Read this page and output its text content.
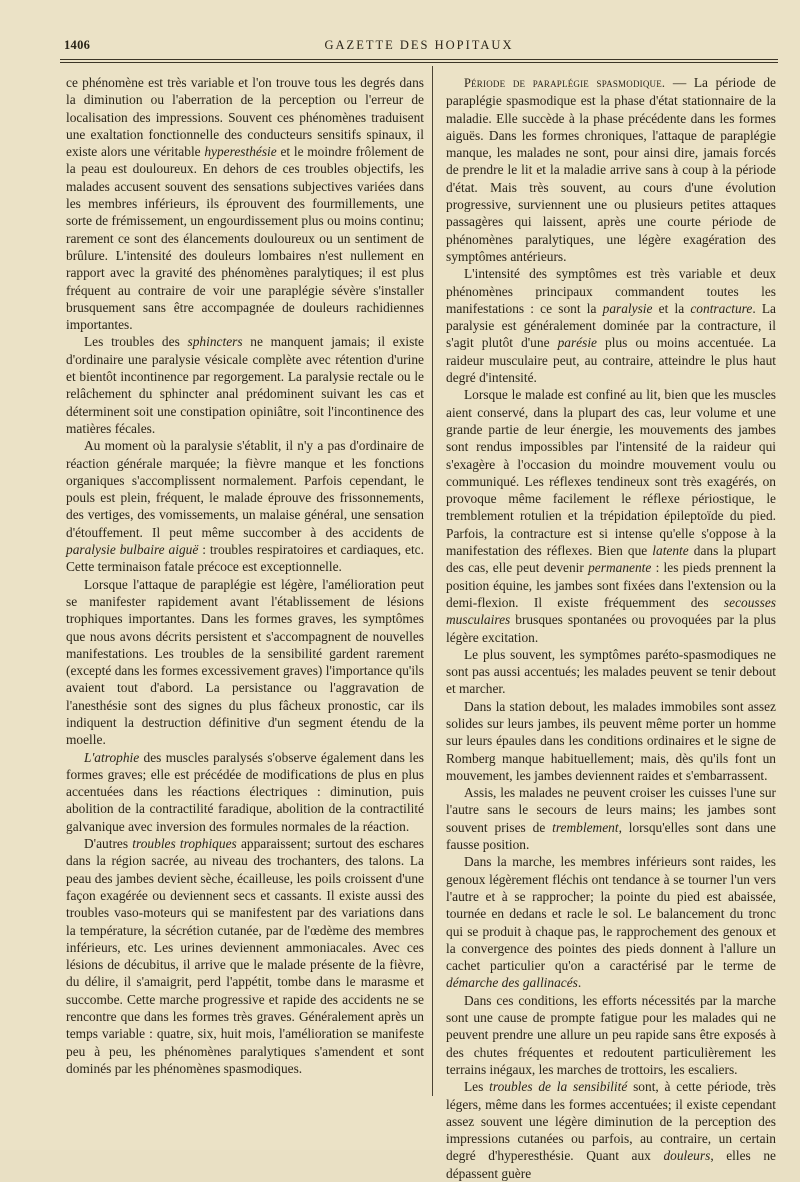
1406	GAZETTE DES HOPITAUX

ce phénomène est très variable et l'on trouve tous les degrés dans la diminution ou l'aberration de la perception ou l'erreur de localisation des impressions. Souvent ces phénomènes traduisent une exaltation fonctionnelle des conducteurs sensitifs spinaux, il existe alors une véritable hyperesthésie et le moindre frôlement de la peau est douloureux. En dehors de ces troubles objectifs, les malades accusent souvent des sensations subjectives variées dans les membres inférieurs, ils éprouvent des fourmillements, une sorte de frémissement, un engourdissement plus ou moins continu; rarement ce sont des élancements douloureux ou un sentiment de brûlure. L'intensité des douleurs lombaires n'est nullement en rapport avec la gravité des phénomènes paralytiques; il est plus fréquent au contraire de voir une paraplégie sévère s'installer brusquement sans être accompagnée de douleurs rachidiennes importantes.

Les troubles des sphincters ne manquent jamais; il existe d'ordinaire une paralysie vésicale complète avec rétention d'urine et bientôt incontinence par regorgement. La paralysie rectale ou le relâchement du sphincter anal prédominent suivant les cas et déterminent soit une constipation opiniâtre, soit l'incontinence des matières fécales.

Au moment où la paralysie s'établit, il n'y a pas d'ordinaire de réaction générale marquée; la fièvre manque et les fonctions organiques s'accomplissent normalement. Parfois cependant, le pouls est plein, fréquent, le malade éprouve des frissonnements, des vertiges, des vomissements, un malaise général, une sensation d'étouffement. Il peut même succomber à des accidents de paralysie bulbaire aiguë : troubles respiratoires et cardiaques, etc. Cette terminaison fatale précoce est exceptionnelle.

Lorsque l'attaque de paraplégie est légère, l'amélioration peut se manifester rapidement avant l'établissement de lésions trophiques importantes. Dans les formes graves, les symptômes que nous avons décrits persistent et s'accompagnent de nouvelles manifestations. Les troubles de la sensibilité gardent rarement (excepté dans les formes excessivement graves) l'importance qu'ils avaient tout d'abord. La persistance ou l'aggravation de l'anesthésie sont des signes du plus fâcheux pronostic, car ils indiquent la destruction définitive d'un segment étendu de la moelle.

L'atrophie des muscles paralysés s'observe également dans les formes graves; elle est précédée de modifications de plus en plus accentuées dans les réactions électriques : diminution, puis abolition de la contractilité faradique, abolition de la contractilité galvanique avec inversion des formules normales de la réaction.

D'autres troubles trophiques apparaissent; surtout des eschares dans la région sacrée, au niveau des trochanters, des talons. La peau des jambes devient sèche, écailleuse, les poils croissent d'une façon exagérée ou deviennent secs et cassants. Il existe aussi des troubles vaso-moteurs qui se manifestent par des variations dans la température, la sécrétion cutanée, par de l'œdème des membres inférieurs, etc. Les urines deviennent ammoniacales. Avec ces lésions de décubitus, il arrive que le malade présente de la fièvre, du délire, il s'amaigrit, perd l'appétit, tombe dans le marasme et succombe. Cette marche progressive et rapide des accidents ne se rencontre que dans les formes très graves. Généralement après un temps variable : quatre, six, huit mois, l'amélioration se manifeste peu à peu, les phénomènes paralytiques s'amendent et sont dominés par les phénomènes spasmodiques.

Période de paraplégie spasmodique. — La période de paraplégie spasmodique est la phase d'état stationnaire de la maladie. Elle succède à la phase précédente dans les formes aiguës. Dans les formes chroniques, l'attaque de paraplégie manque, les malades ne sont, pour ainsi dire, jamais forcés de prendre le lit et la maladie arrive sans à coup à la période d'état. Mais très souvent, au cours d'une évolution progressive, surviennent une ou plusieurs petites attaques passagères qui laissent, après une courte période de phénomènes paralytiques, une légère exagération des symptômes antérieurs.

L'intensité des symptômes est très variable et deux phénomènes principaux commandent toutes les manifestations : ce sont la paralysie et la contracture. La paralysie est généralement dominée par la contracture, il s'agit plutôt d'une parésie plus ou moins accentuée. La raideur musculaire peut, au contraire, atteindre le plus haut degré d'intensité.

Lorsque le malade est confiné au lit, bien que les muscles aient conservé, dans la plupart des cas, leur volume et une grande partie de leur énergie, les mouvements des jambes sont rendus impossibles par l'intensité de la raideur qui s'exagère à l'occasion du moindre mouvement voulu ou communiqué. Les réflexes tendineux sont très exagérés, on provoque même facilement le réflexe périostique, le tremblement rotulien et la trépidation épileptoïde du pied. Parfois, la contracture est si intense qu'elle s'oppose à la manifestation des réflexes. Bien que latente dans la plupart des cas, elle peut devenir permanente : les pieds prennent la position équine, les jambes sont fixées dans l'extension ou la demi-flexion. Il existe fréquemment des secousses musculaires brusques spontanées ou provoquées par la plus légère excitation.

Le plus souvent, les symptômes paréto-spasmodiques ne sont pas aussi accentués; les malades peuvent se tenir debout et marcher.

Dans la station debout, les malades immobiles sont assez solides sur leurs jambes, ils peuvent même porter un homme sur leurs épaules dans les conditions ordinaires et le signe de Romberg manque habituellement; mais, dès qu'ils font un mouvement, les jambes deviennent raides et s'embarrassent.

Assis, les malades ne peuvent croiser les cuisses l'une sur l'autre sans le secours de leurs mains; les jambes sont souvent prises de tremblement, lorsqu'elles sont dans une fausse position.

Dans la marche, les membres inférieurs sont raides, les genoux légèrement fléchis ont tendance à se tourner l'un vers l'autre et à se rapprocher; la pointe du pied est abaissée, tournée en dedans et racle le sol. Le balancement du tronc qui se produit à chaque pas, le rapprochement des genoux et la convergence des pointes des pieds donnent à l'allure un cachet particulier qu'on a caractérisé par le terme de démarche des gallinacés.

Dans ces conditions, les efforts nécessités par la marche sont une cause de prompte fatigue pour les malades qui ne peuvent prendre une allure un peu rapide sans être exposés à des chutes fréquentes et redoutent particulièrement les terrains inégaux, les marches de trottoirs, les escaliers.

Les troubles de la sensibilité sont, à cette période, très légers, même dans les formes accentuées; il existe cependant assez souvent une légère diminution de la perception des impressions cutanées ou parfois, au contraire, un certain degré d'hyperesthésie. Quant aux douleurs, elles ne dépassent guère
